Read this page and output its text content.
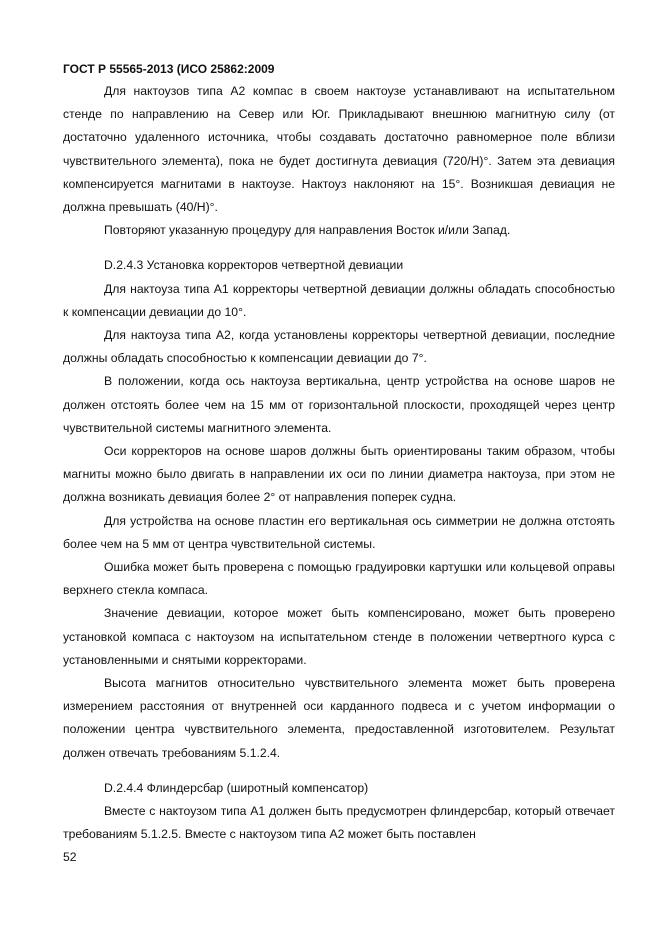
ГОСТ Р 55565-2013 (ИСО 25862:2009

Для нактоузов типа А2 компас в своем нактоузе устанавливают на испытательном стенде по направлению на Север или Юг. Прикладывают внешнюю магнитную силу (от достаточно удаленного источника, чтобы создавать достаточно равномерное поле вблизи чувствительного элемента), пока не будет достигнута девиация (720/H)°. Затем эта девиация компенсируется магнитами в нактоузе. Нактоуз наклоняют на 15°. Возникшая девиация не должна превышать (40/H)°.

Повторяют указанную процедуру для направления Восток и/или Запад.

D.2.4.3 Установка корректоров четвертной девиации

Для нактоуза типа А1 корректоры четвертной девиации должны обладать способностью к компенсации девиации до 10°.

Для нактоуза типа А2, когда установлены корректоры четвертной девиации, последние должны обладать способностью к компенсации девиации до 7°.

В положении, когда ось нактоуза вертикальна, центр устройства на основе шаров не должен отстоять более чем на 15 мм от горизонтальной плоскости, проходящей через центр чувствительной системы магнитного элемента.

Оси корректоров на основе шаров должны быть ориентированы таким образом, чтобы магниты можно было двигать в направлении их оси по линии диаметра нактоуза, при этом не должна возникать девиация более 2° от направления поперек судна.

Для устройства на основе пластин его вертикальная ось симметрии не должна отстоять более чем на 5 мм от центра чувствительной системы.

Ошибка может быть проверена с помощью градуировки картушки или кольцевой оправы верхнего стекла компаса.

Значение девиации, которое может быть компенсировано, может быть проверено установкой компаса с нактоузом на испытательном стенде в положении четвертного курса с установленными и снятыми корректорами.

Высота магнитов относительно чувствительного элемента может быть проверена измерением расстояния от внутренней оси карданного подвеса и с учетом информации о положении центра чувствительного элемента, предоставленной изготовителем. Результат должен отвечать требованиям 5.1.2.4.

D.2.4.4 Флиндерсбар (широтный компенсатор)

Вместе с нактоузом типа А1 должен быть предусмотрен флиндерсбар, который отвечает требованиям 5.1.2.5. Вместе с нактоузом типа А2 может быть поставлен

52
